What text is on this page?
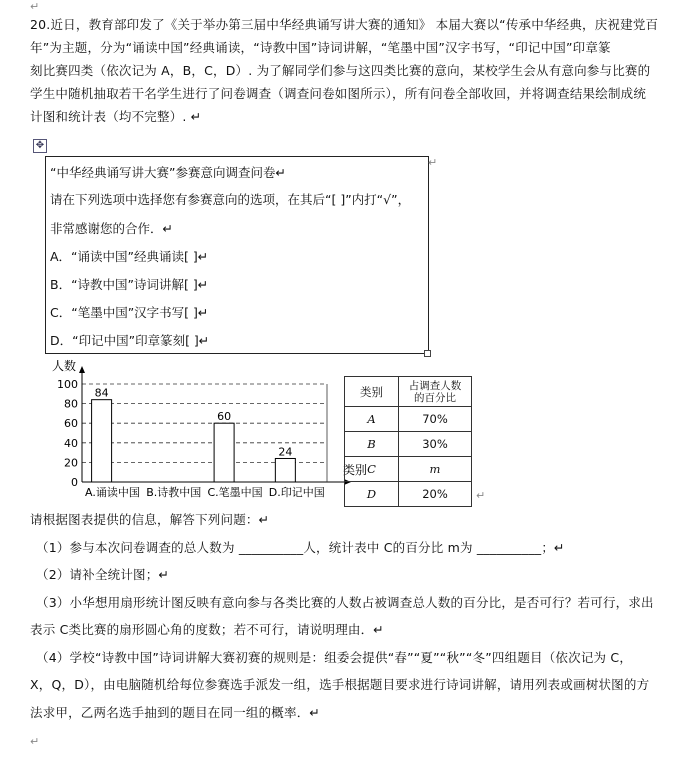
↵
20.近日，教育部印发了《关于举办第三届中华经典诵写讲大赛的通知》 本届大赛以“传承中华经典，庆祝建党百
年”为主题，分为“诵读中国”经典诵读，“诗教中国”诗词讲解，“笔墨中国”汉字书写，“印记中国”印章篆
刻比赛四类（依次记为 A，B，C，D）. 为了解同学们参与这四类比赛的意向，某校学生会从有意向参与比赛的
学生中随机抽取若干名学生进行了问卷调查（调查问卷如图所示），所有问卷全部收回，并将调查结果绘制成统
计图和统计表（均不完整）. ↵
✥
“中华经典诵写讲大赛”参赛意向调查问卷↵
请在下列选项中选择您有参赛意向的选项，在其后“[ ]”内打“√”，
非常感谢您的合作．↵
A．“诵读中国”经典诵读[ ]↵
B．“诗教中国”诗词讲解[ ]↵
C．“笔墨中国”汉字书写[ ]↵
D．“印记中国”印章篆刻[ ]↵
↵
0
20
40
60
80
100
人数
类别
84
A.诵读中国 B.诗教中国
60
C.笔墨中国
24
D.印记中国
类别	占调查人数
的百分比

A	70%
B	30%
C	m
D	20%	↵
请根据图表提供的信息，解答下列问题：↵
（1）参与本次问卷调查的总人数为 __________人，统计表中 C的百分比 m为 __________；↵
（2）请补全统计图；↵
（3）小华想用扇形统计图反映有意向参与各类比赛的人数占被调查总人数的百分比，是否可行？若可行，求出
表示 C类比赛的扇形圆心角的度数；若不可行，请说明理由．↵
（4）学校“诗教中国”诗词讲解大赛初赛的规则是：组委会提供“春”“夏”“秋”“冬”四组题目（依次记为 C，
X，Q，D），由电脑随机给每位参赛选手派发一组，选手根据题目要求进行诗词讲解，请用列表或画树状图的方
法求甲，乙两名选手抽到的题目在同一组的概率．↵
↵
